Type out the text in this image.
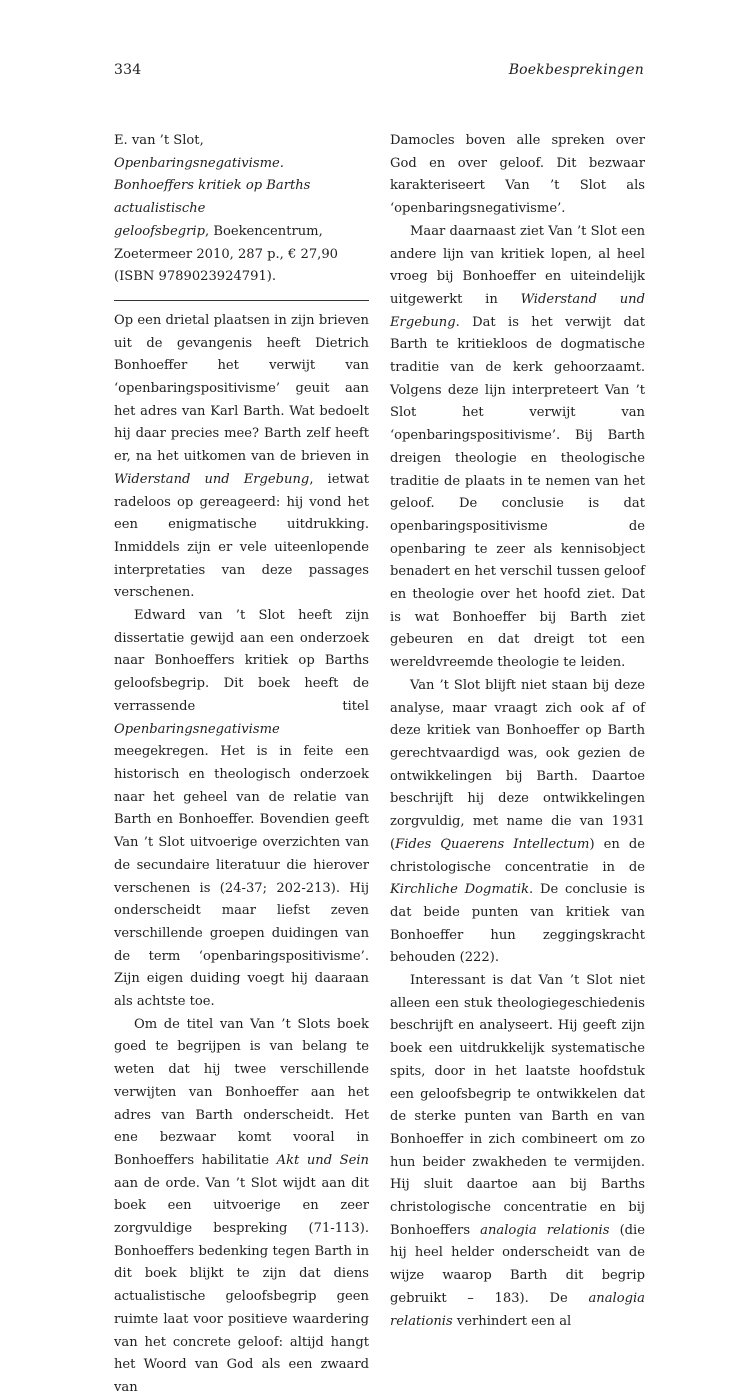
334	Boekbesprekingen

E. van ’t Slot, Openbaringsnegativisme.

Bonhoeffers kritiek op Barths actualistische

geloofsbegrip, Boekencentrum,

Zoetermeer 2010, 287 p., € 27,90

(ISBN 9789023924791).

Op een drietal plaatsen in zijn brieven uit de gevangenis heeft Dietrich Bonhoeffer het verwijt van ‘openbaringspositivisme’ geuit aan het adres van Karl Barth. Wat bedoelt hij daar precies mee? Barth zelf heeft er, na het uitkomen van de brieven in Widerstand und Ergebung, ietwat radeloos op gereageerd: hij vond het een enigmatische uitdrukking. Inmiddels zijn er vele uiteenlopende interpretaties van deze passages verschenen.

Edward van ’t Slot heeft zijn dissertatie gewijd aan een onderzoek naar Bonhoeffers kritiek op Barths geloofsbegrip. Dit boek heeft de verrassende titel Openbaringsnegativisme meegekregen. Het is in feite een historisch en theologisch onderzoek naar het geheel van de relatie van Barth en Bonhoeffer. Bovendien geeft Van ’t Slot uitvoerige overzichten van de secundaire literatuur die hierover verschenen is (24-37; 202-213). Hij onderscheidt maar liefst zeven verschillende groepen duidingen van de term ‘openbaringspositivisme’. Zijn eigen duiding voegt hij daaraan als achtste toe.

Om de titel van Van ’t Slots boek goed te begrijpen is van belang te weten dat hij twee verschillende verwijten van Bonhoeffer aan het adres van Barth onderscheidt. Het ene bezwaar komt vooral in Bonhoeffers habilitatie Akt und Sein aan de orde. Van ’t Slot wijdt aan dit boek een uitvoerige en zeer zorgvuldige bespreking (71-113). Bonhoeffers bedenking tegen Barth in dit boek blijkt te zijn dat diens actualistische geloofsbegrip geen ruimte laat voor positieve waardering van het concrete geloof: altijd hangt het Woord van God als een zwaard van

Damocles boven alle spreken over God en over geloof. Dit bezwaar karakteriseert Van ’t Slot als ‘openbaringsnegativisme’.

Maar daarnaast ziet Van ’t Slot een andere lijn van kritiek lopen, al heel vroeg bij Bonhoeffer en uiteindelijk uitgewerkt in Widerstand und Ergebung. Dat is het verwijt dat Barth te kritiekloos de dogmatische traditie van de kerk gehoorzaamt. Volgens deze lijn interpreteert Van ’t Slot het verwijt van ‘openbaringspositivisme’. Bij Barth dreigen theologie en theologische traditie de plaats in te nemen van het geloof. De conclusie is dat openbaringspositivisme de openbaring te zeer als kennisobject benadert en het verschil tussen geloof en theologie over het hoofd ziet. Dat is wat Bonhoeffer bij Barth ziet gebeuren en dat dreigt tot een wereldvreemde theologie te leiden.

Van ’t Slot blijft niet staan bij deze analyse, maar vraagt zich ook af of deze kritiek van Bonhoeffer op Barth gerechtvaardigd was, ook gezien de ontwikkelingen bij Barth. Daartoe beschrijft hij deze ontwikkelingen zorgvuldig, met name die van 1931 (Fides Quaerens Intellectum) en de christologische concentratie in de Kirchliche Dogmatik. De conclusie is dat beide punten van kritiek van Bonhoeffer hun zeggingskracht behouden (222).

Interessant is dat Van ’t Slot niet alleen een stuk theologiegeschiedenis beschrijft en analyseert. Hij geeft zijn boek een uitdrukkelijk systematische spits, door in het laatste hoofdstuk een geloofsbegrip te ontwikkelen dat de sterke punten van Barth en van Bonhoeffer in zich combineert om zo hun beider zwakheden te vermijden. Hij sluit daartoe aan bij Barths christologische concentratie en bij Bonhoeffers analogia relationis (die hij heel helder onderscheidt van de wijze waarop Barth dit begrip gebruikt – 183). De analogia relationis verhindert een al
